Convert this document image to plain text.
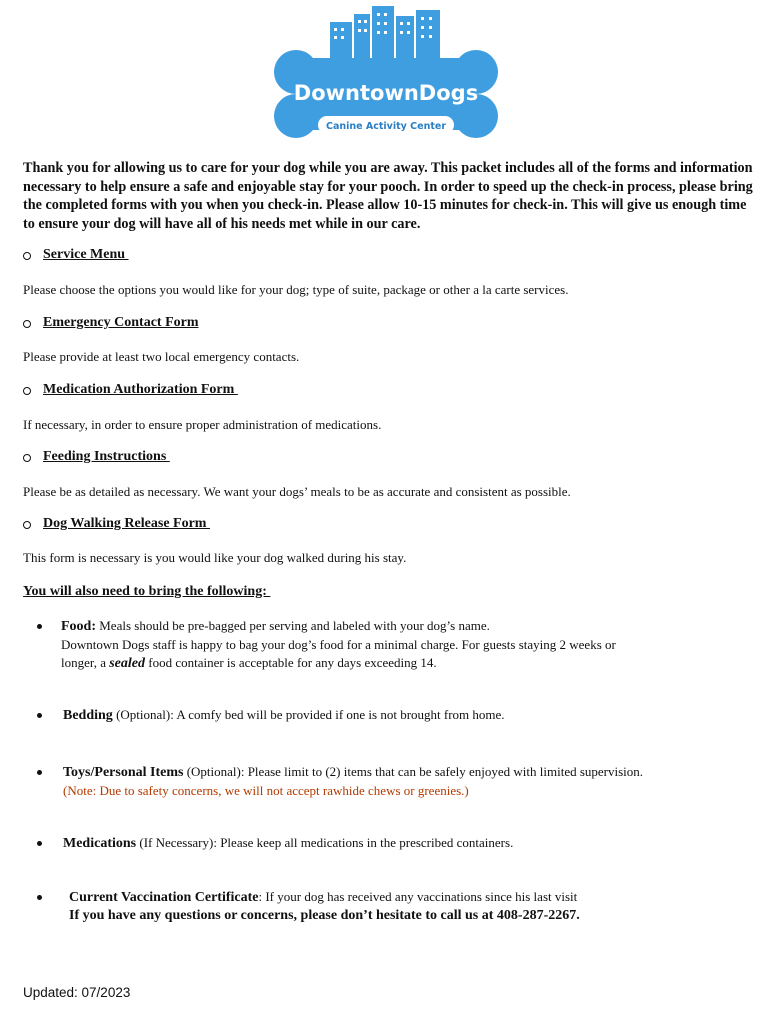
DowntownDogs
Canine Activity Center

Thank you for allowing us to care for your dog while you are away. This packet includes all of the forms and information necessary to help ensure a safe and enjoyable stay for your pooch. In order to speed up the check-in process, please bring the completed forms with you when you check-in. Please allow 10-15 minutes for check-in. This will give us enough time to ensure your dog will have all of his needs met while in our care.

Service Menu
Please choose the options you would like for your dog; type of suite, package or other a la carte services.
Emergency Contact Form
Please provide at least two local emergency contacts.
Medication Authorization Form
If necessary, in order to ensure proper administration of medications.
Feeding Instructions
Please be as detailed as necessary. We want your dogs’ meals to be as accurate and consistent as possible.
Dog Walking Release Form
This form is necessary is you would like your dog walked during his stay.
You will also need to bring the following:
Food: Meals should be pre-bagged per serving and labeled with your dog’s name.
Downtown Dogs staff is happy to bag your dog’s food for a minimal charge. For guests staying 2 weeks or
longer, a sealed food container is acceptable for any days exceeding 14.
Bedding (Optional): A comfy bed will be provided if one is not brought from home.
Toys/Personal Items (Optional): Please limit to (2) items that can be safely enjoyed with limited supervision.
(Note: Due to safety concerns, we will not accept rawhide chews or greenies.)
Medications (If Necessary): Please keep all medications in the prescribed containers.
Current Vaccination Certificate: If your dog has received any vaccinations since his last visit
If you have any questions or concerns, please don’t hesitate to call us at 408-287-2267.
Updated: 07/2023
